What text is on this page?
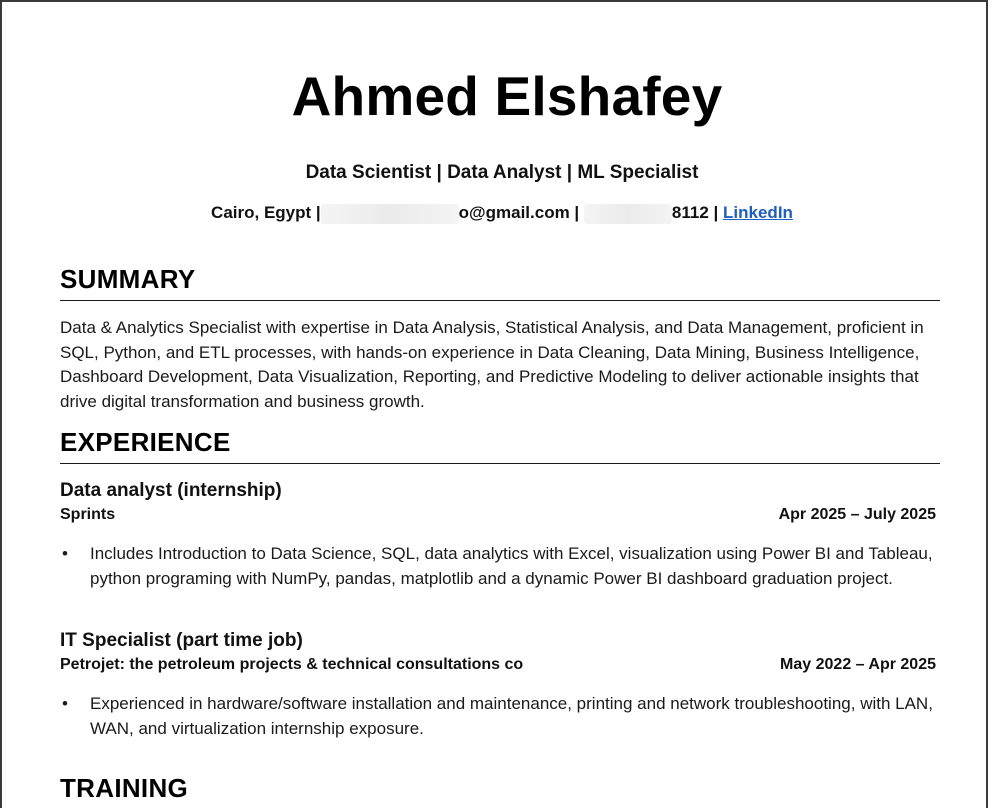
Ahmed Elshafey
Data Scientist | Data Analyst | ML Specialist
Cairo, Egypt |	o@gmail.com |	8112 | LinkedIn
SUMMARY
Data & Analytics Specialist with expertise in Data Analysis, Statistical Analysis, and Data Management, proficient in SQL, Python, and ETL processes, with hands-on experience in Data Cleaning, Data Mining, Business Intelligence, Dashboard Development, Data Visualization, Reporting, and Predictive Modeling to deliver actionable insights that drive digital transformation and business growth.
EXPERIENCE
Data analyst (internship)
Sprints	Apr 2025 – July 2025
• Includes Introduction to Data Science, SQL, data analytics with Excel, visualization using Power BI and Tableau, python programing with NumPy, pandas, matplotlib and a dynamic Power BI dashboard graduation project.
IT Specialist (part time job)
Petrojet: the petroleum projects & technical consultations co	May 2022 – Apr 2025
• Experienced in hardware/software installation and maintenance, printing and network troubleshooting, with LAN, WAN, and virtualization internship exposure.
TRAINING
